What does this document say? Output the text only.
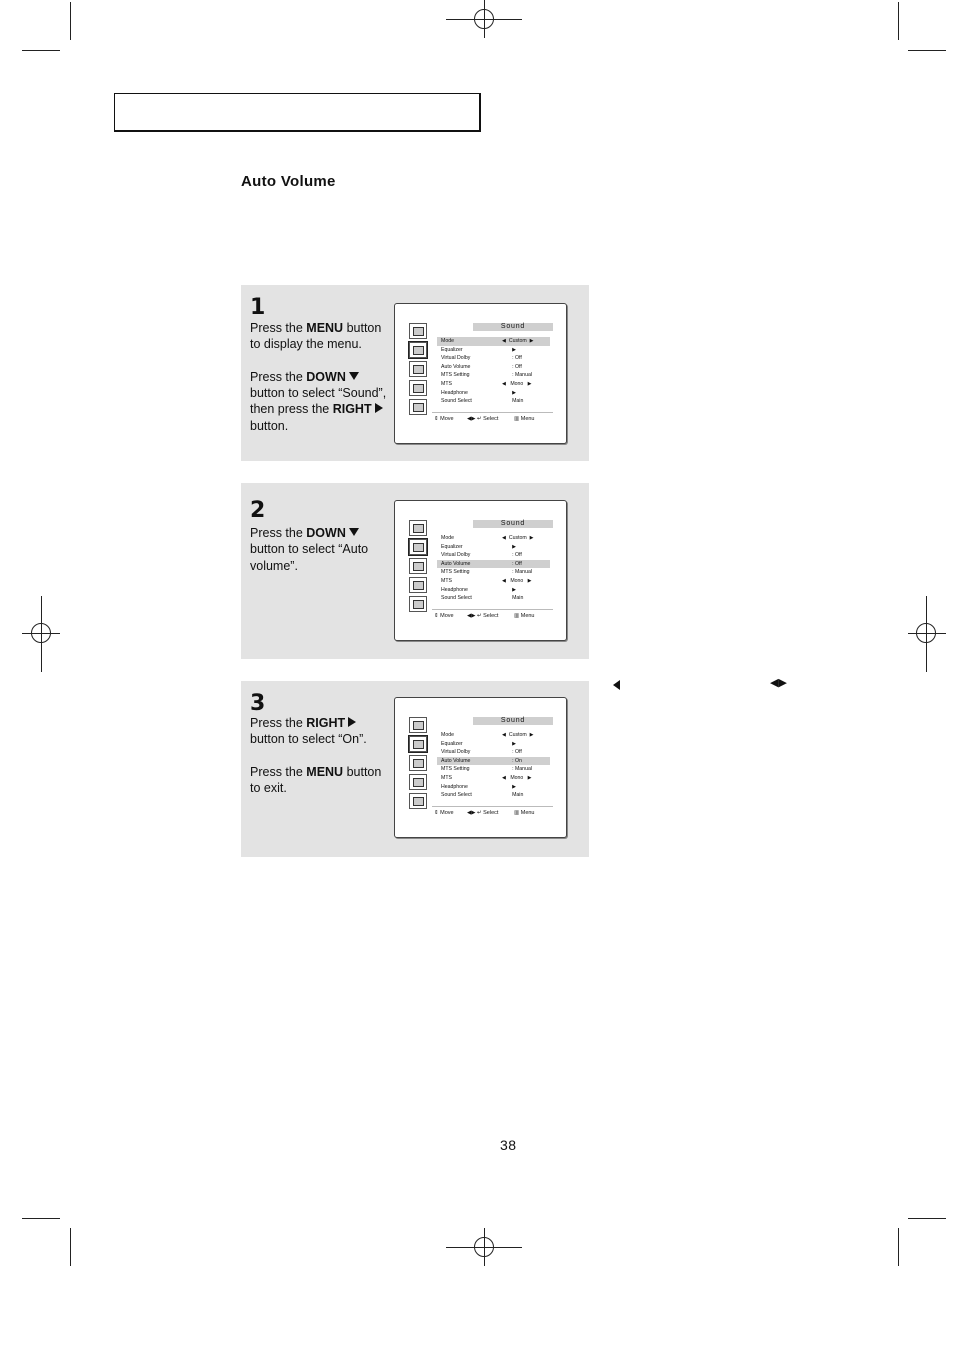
Auto Volume
1

Press the MENU button to display the menu.

Press the DOWN button to select “Sound”, then press the RIGHT button.

Sound
Mode	◀  Custom  ▶
Equalizer	▶
Virtual Dolby	: Off
Auto Volume	: Off
MTS Setting	: Manual
MTS	◀   Mono   ▶
Headphone	▶
Sound Select	Main
⇕ Move ◀▶ ↵ Select	▥ Menu
2

Press the DOWN button to select “Auto volume”.

Sound
Mode	◀  Custom  ▶
Equalizer	▶
Virtual Dolby	: Off
Auto Volume	: Off
MTS Setting	: Manual
MTS	◀   Mono   ▶
Headphone	▶
Sound Select	Main
⇕ Move ◀▶ ↵ Select	▥ Menu
3

Press the RIGHT button to select “On”.

Press the MENU button to exit.

Sound
Mode	◀  Custom  ▶
Equalizer	▶
Virtual Dolby	: Off
Auto Volume	: On
MTS Setting	: Manual
MTS	◀   Mono   ▶
Headphone	▶
Sound Select	Main
⇕ Move ◀▶ ↵ Select	▥ Menu
◀▶
38
